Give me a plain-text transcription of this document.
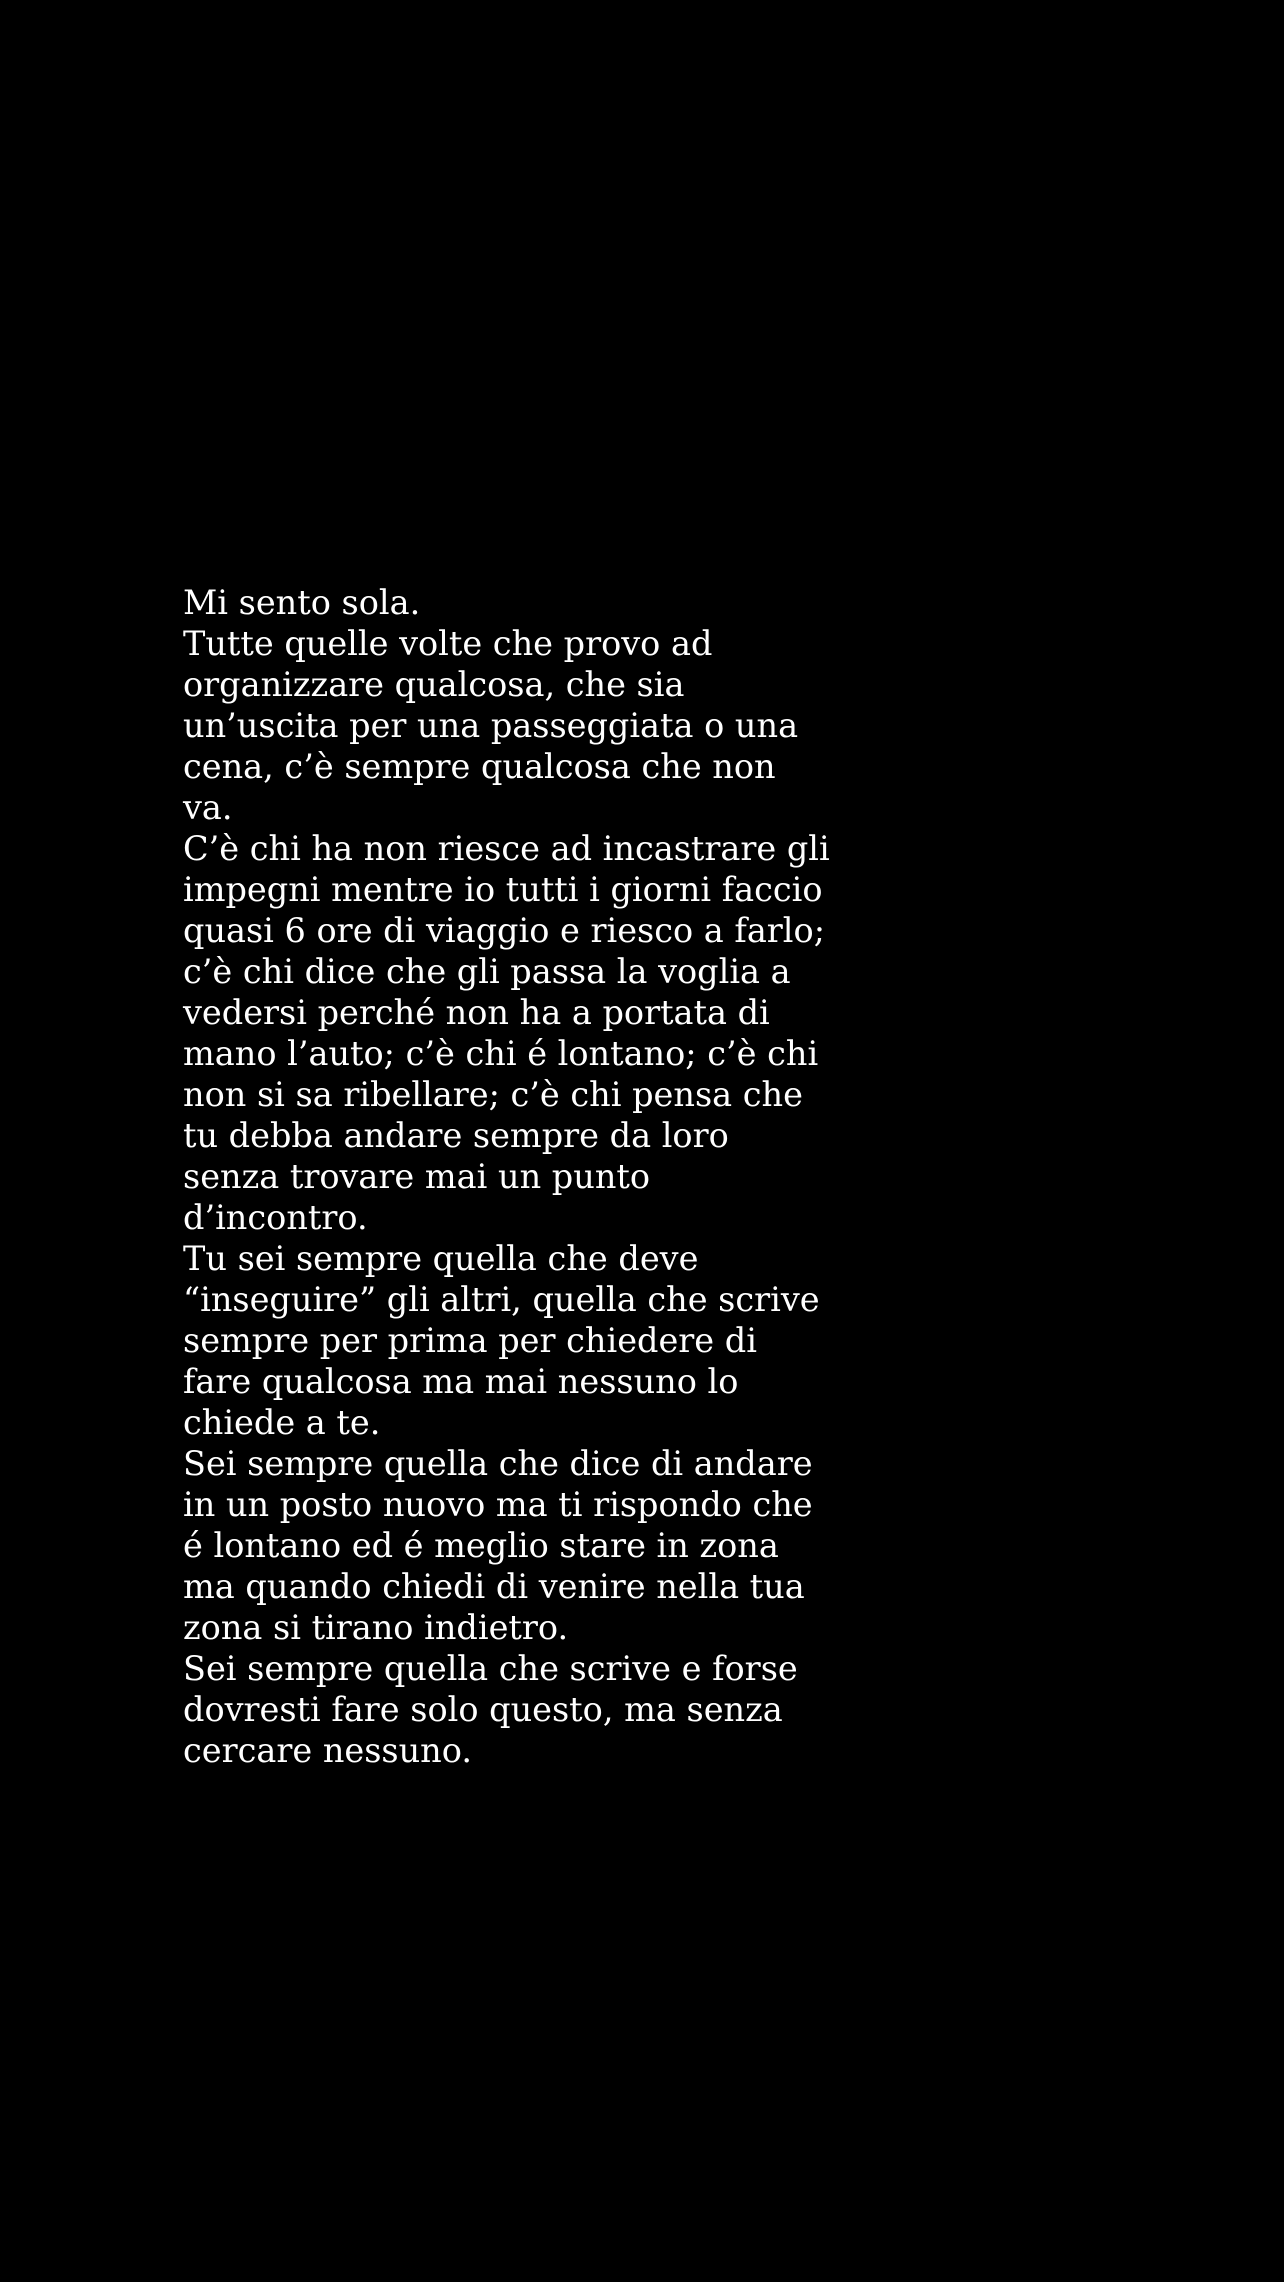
Mi sento sola.
Tutte quelle volte che provo ad
organizzare qualcosa, che sia
un’uscita per una passeggiata o una
cena, c’è sempre qualcosa che non
va.
C’è chi ha non riesce ad incastrare gli
impegni mentre io tutti i giorni faccio
quasi 6 ore di viaggio e riesco a farlo;
c’è chi dice che gli passa la voglia a
vedersi perché non ha a portata di
mano l’auto; c’è chi é lontano; c’è chi
non si sa ribellare; c’è chi pensa che
tu debba andare sempre da loro
senza trovare mai un punto
d’incontro.
Tu sei sempre quella che deve
“inseguire” gli altri, quella che scrive
sempre per prima per chiedere di
fare qualcosa ma mai nessuno lo
chiede a te.
Sei sempre quella che dice di andare
in un posto nuovo ma ti rispondo che
é lontano ed é meglio stare in zona
ma quando chiedi di venire nella tua
zona si tirano indietro.
Sei sempre quella che scrive e forse
dovresti fare solo questo, ma senza
cercare nessuno.
